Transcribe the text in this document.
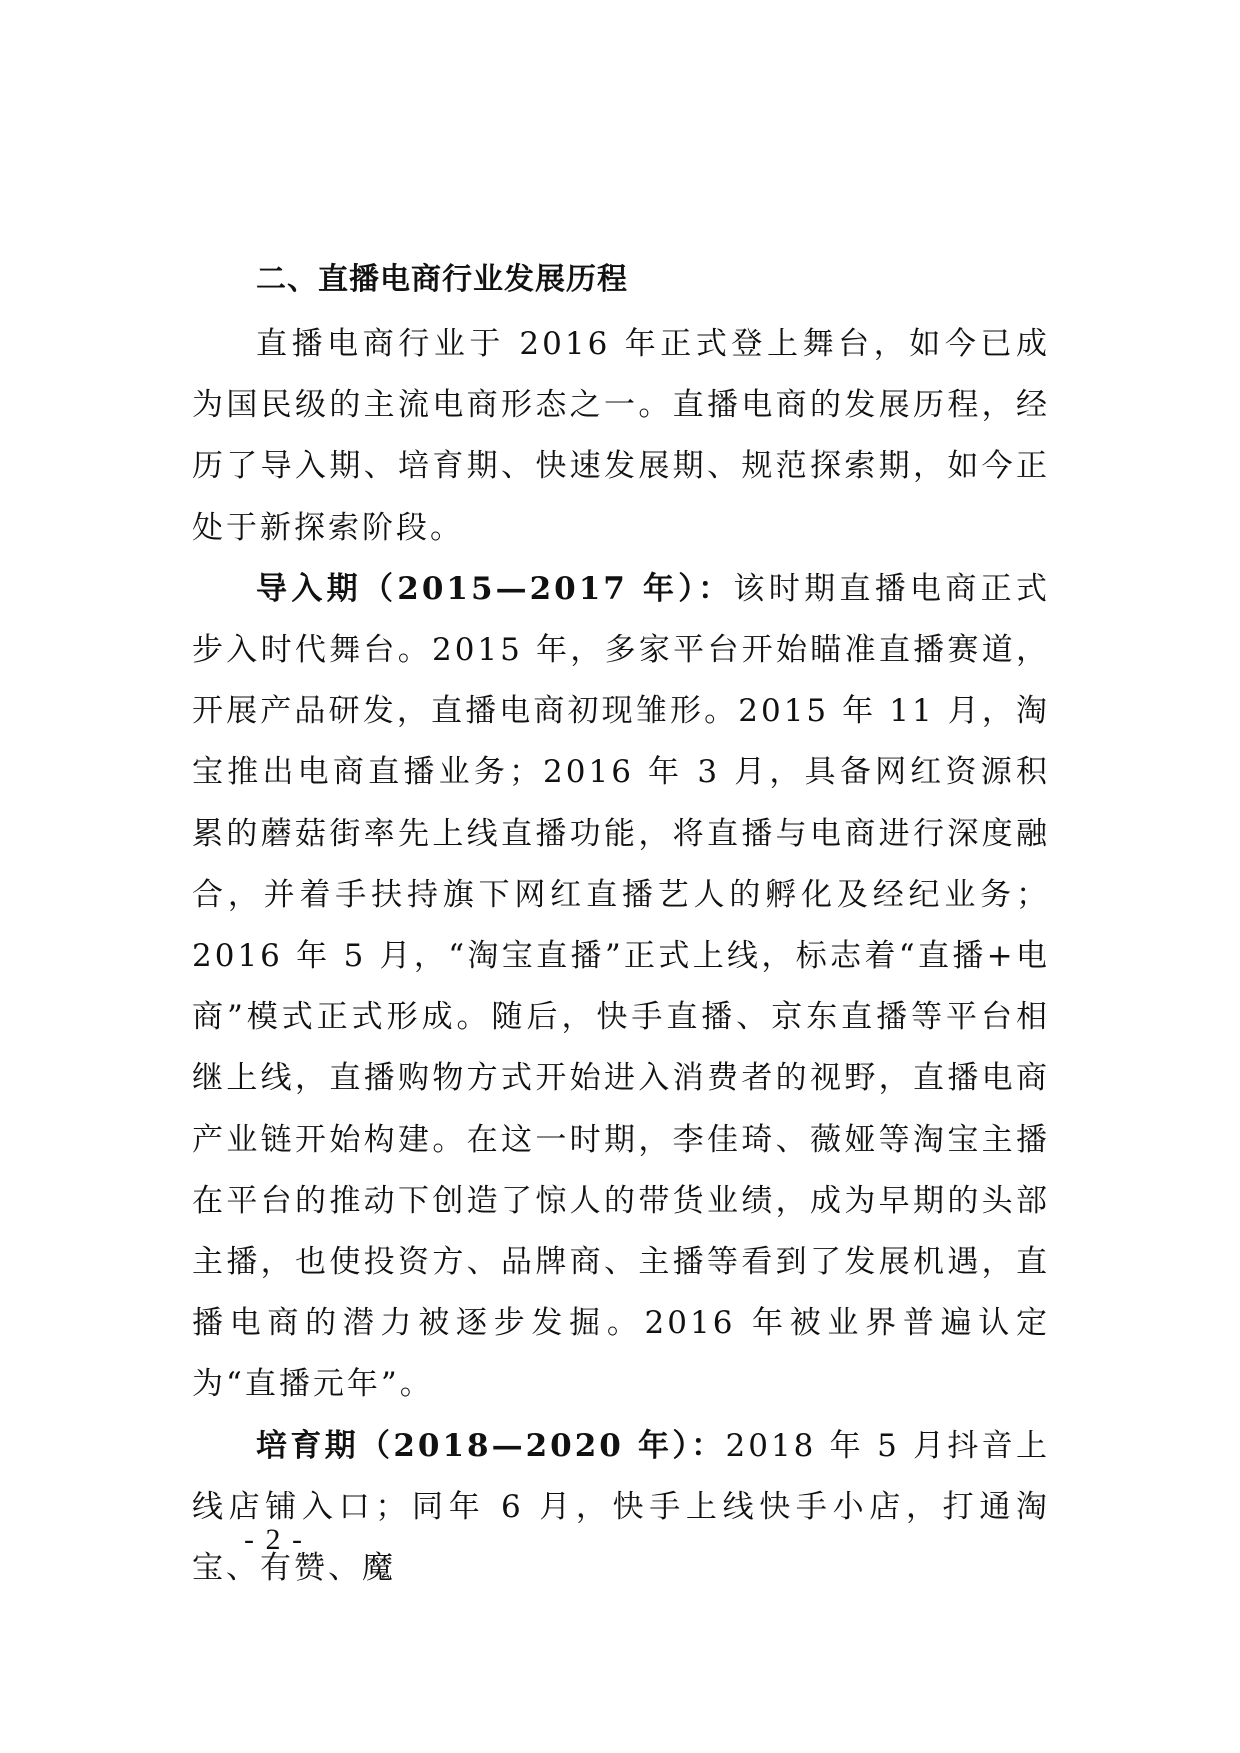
二、直播电商行业发展历程

直播电商行业于 2016 年正式登上舞台，如今已成为国民级的主流电商形态之一。直播电商的发展历程，经历了导入期、培育期、快速发展期、规范探索期，如今正处于新探索阶段。

导入期（2015—2017 年）：该时期直播电商正式步入时代舞台。2015 年，多家平台开始瞄准直播赛道，开展产品研发，直播电商初现雏形。2015 年 11 月，淘宝推出电商直播业务；2016 年 3 月，具备网红资源积累的蘑菇街率先上线直播功能，将直播与电商进行深度融合，并着手扶持旗下网红直播艺人的孵化及经纪业务；2016 年 5 月，“淘宝直播”正式上线，标志着“直播+电商”模式正式形成。随后，快手直播、京东直播等平台相继上线，直播购物方式开始进入消费者的视野，直播电商产业链开始构建。在这一时期，李佳琦、薇娅等淘宝主播在平台的推动下创造了惊人的带货业绩，成为早期的头部主播，也使投资方、品牌商、主播等看到了发展机遇，直播电商的潜力被逐步发掘。2016 年被业界普遍认定为“直播元年”。

培育期（2018—2020 年）：2018 年 5 月抖音上线店铺入口；同年 6 月，快手上线快手小店，打通淘宝、有赞、魔

- 2 -
